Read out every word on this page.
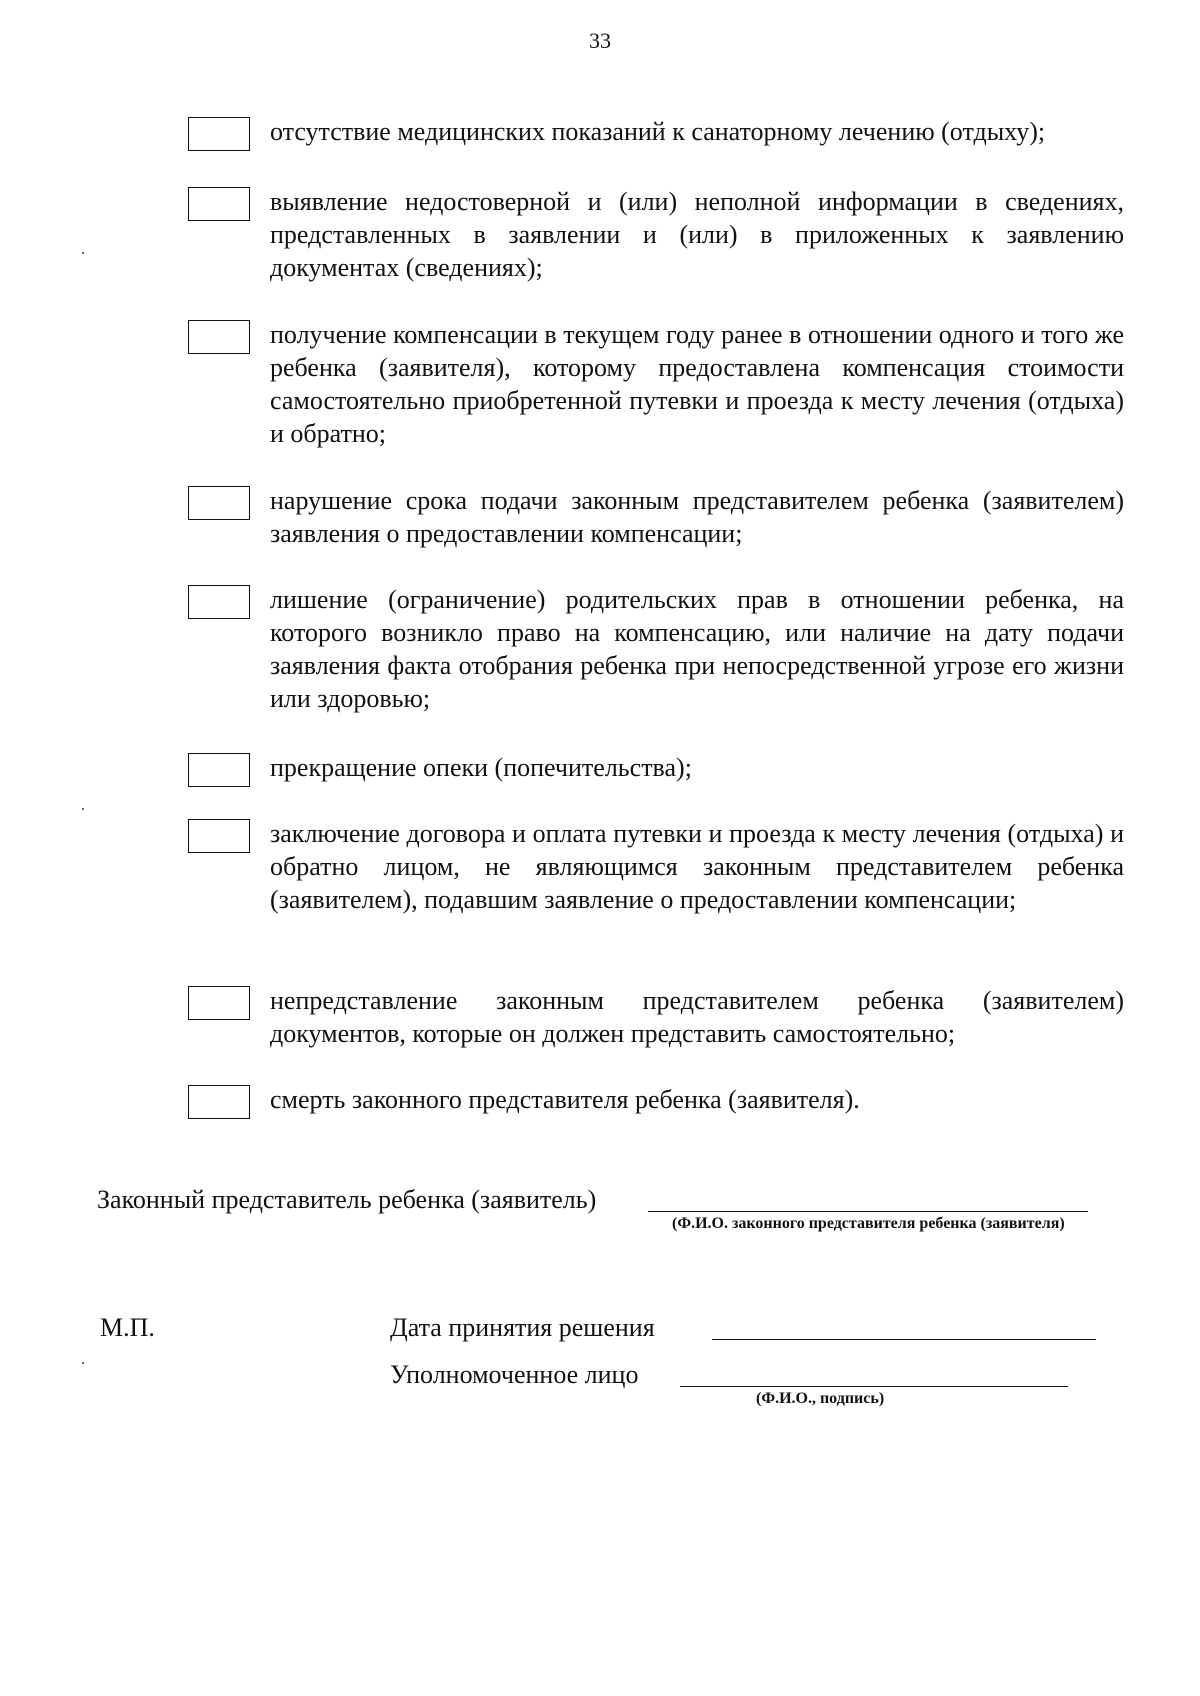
33
отсутствие медицинских показаний к санаторному лечению (отдыху);
выявление недостоверной и (или) неполной информации в сведениях, представленных в заявлении и (или) в приложенных к заявлению документах (сведениях);
получение компенсации в текущем году ранее в отношении одного и того же ребенка (заявителя), которому предоставлена компенсация стоимости самостоятельно приобретенной путевки и проезда к месту лечения (отдыха) и обратно;
нарушение срока подачи законным представителем ребенка (заявителем) заявления о предоставлении компенсации;
лишение (ограничение) родительских прав в отношении ребенка, на которого возникло право на компенсацию, или наличие на дату подачи заявления факта отобрания ребенка при непосредственной угрозе его жизни или здоровью;
прекращение опеки (попечительства);
заключение договора и оплата путевки и проезда к месту лечения (отдыха) и обратно лицом, не являющимся законным представителем ребенка (заявителем), подавшим заявление о предоставлении компенсации;
непредставление законным представителем ребенка (заявителем) документов, которые он должен представить самостоятельно;
смерть законного представителя ребенка (заявителя).
Законный представитель ребенка (заявитель)
(Ф.И.О. законного представителя ребенка (заявителя)
М.П.	Дата принятия решения
Уполномоченное лицо
(Ф.И.О., подпись)
